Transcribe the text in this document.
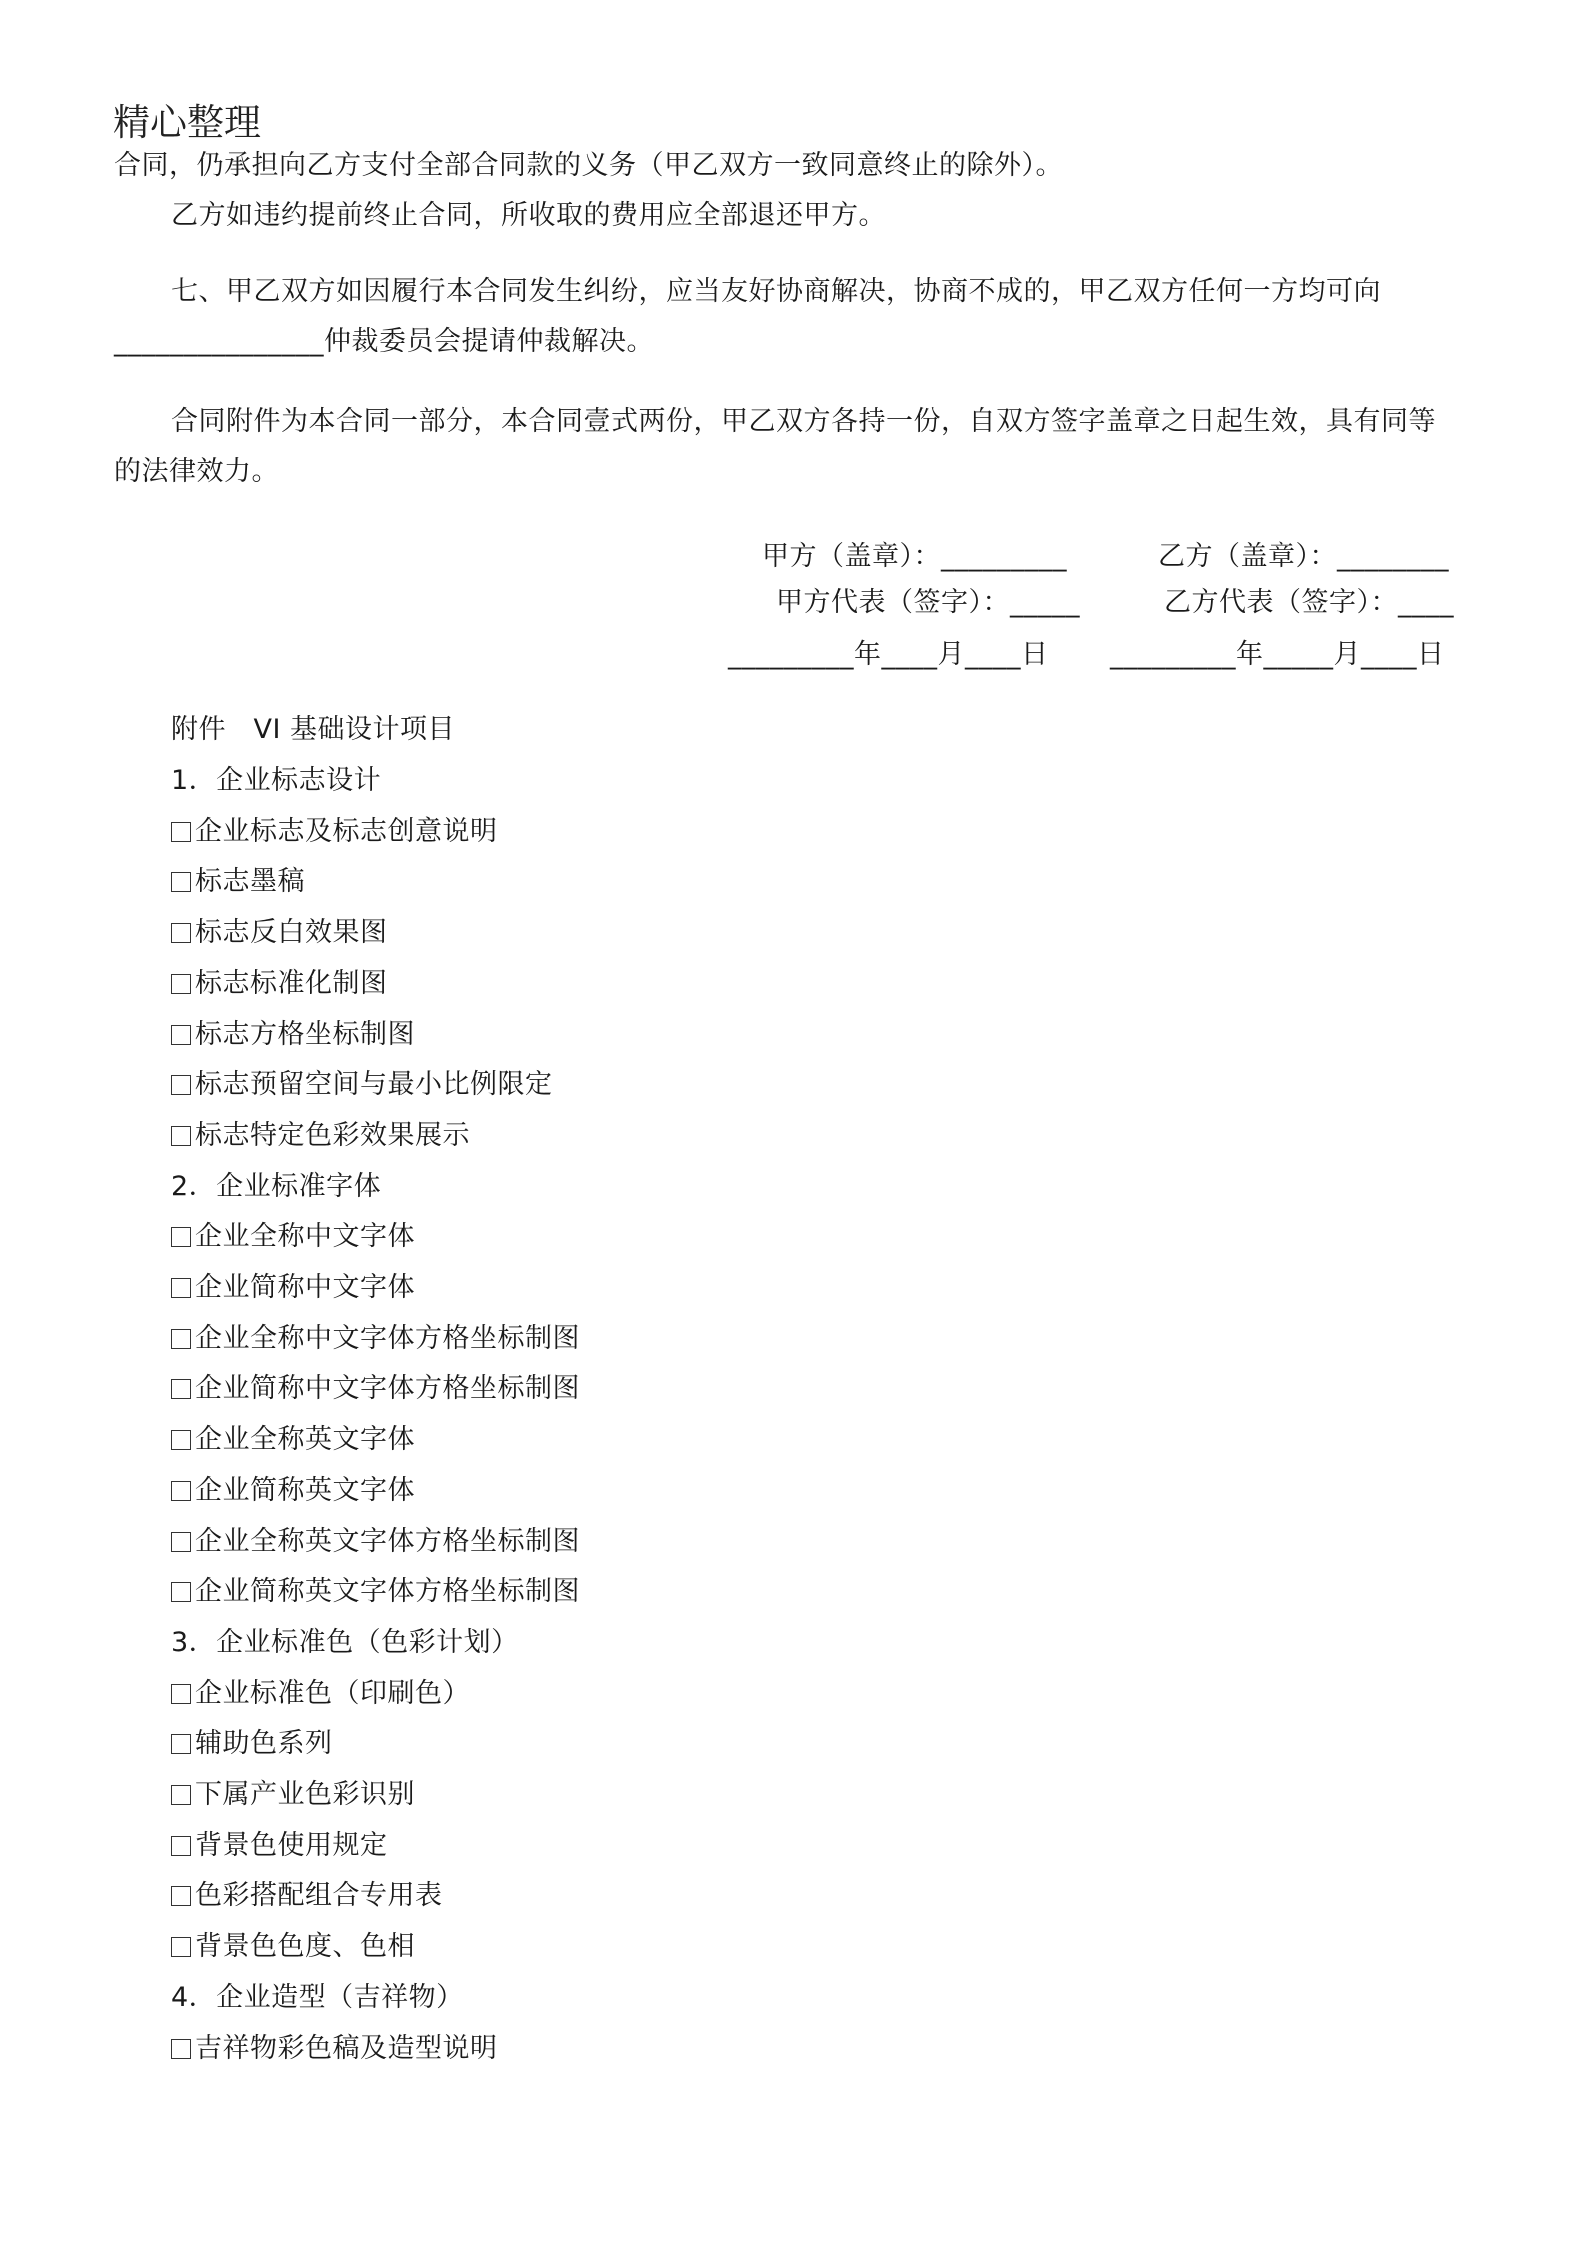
精心整理
合同，仍承担向乙方支付全部合同款的义务（甲乙双方一致同意终止的除外）。
乙方如违约提前终止合同，所收取的费用应全部退还甲方。
七、甲乙双方如因履行本合同发生纠纷，应当友好协商解决，协商不成的，甲乙双方任何一方均可向
_______________仲裁委员会提请仲裁解决。
合同附件为本合同一部分，本合同壹式两份，甲乙双方各持一份，自双方签字盖章之日起生效，具有同等
的法律效力。
甲方（盖章）：_________	乙方（盖章）：________
甲方代表（签字）：_____	乙方代表（签字）：____
_________年____月____日 _________年_____月____日
附件　VI 基础设计项目
1．企业标志设计
企业标志及标志创意说明
标志墨稿
标志反白效果图
标志标准化制图
标志方格坐标制图
标志预留空间与最小比例限定
标志特定色彩效果展示
2．企业标准字体
企业全称中文字体
企业简称中文字体
企业全称中文字体方格坐标制图
企业简称中文字体方格坐标制图
企业全称英文字体
企业简称英文字体
企业全称英文字体方格坐标制图
企业简称英文字体方格坐标制图
3．企业标准色（色彩计划）
企业标准色（印刷色）
辅助色系列
下属产业色彩识别
背景色使用规定
色彩搭配组合专用表
背景色色度、色相
4．企业造型（吉祥物）
吉祥物彩色稿及造型说明
